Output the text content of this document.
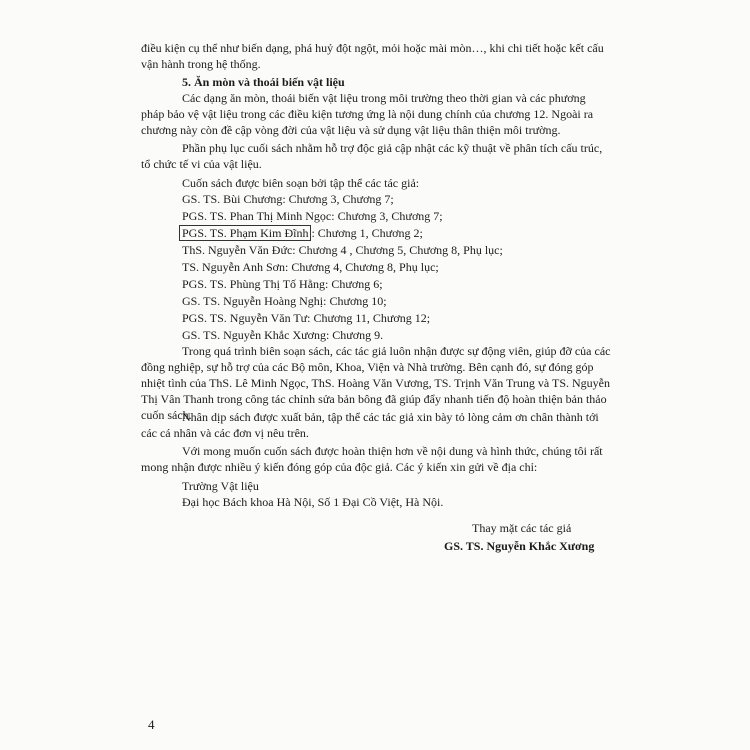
điều kiện cụ thể như biến dạng, phá huỷ đột ngột, mỏi hoặc mài mòn…, khi chi tiết hoặc kết cấu vận hành trong hệ thống.

5. Ăn mòn và thoái biến vật liệu

Các dạng ăn mòn, thoái biến vật liệu trong môi trường theo thời gian và các phương pháp bảo vệ vật liệu trong các điều kiện tương ứng là nội dung chính của chương 12. Ngoài ra chương này còn đề cập vòng đời của vật liệu và sử dụng vật liệu thân thiện môi trường.

Phần phụ lục cuối sách nhằm hỗ trợ độc giả cập nhật các kỹ thuật về phân tích cấu trúc, tổ chức tế vi của vật liệu.

Cuốn sách được biên soạn bởi tập thể các tác giả:

GS. TS. Bùi Chương: Chương 3, Chương 7;

PGS. TS. Phan Thị Minh Ngọc: Chương 3, Chương 7;

PGS. TS. Phạm Kim Đĩnh : Chương 1, Chương 2;

ThS. Nguyễn Văn Đức: Chương 4 , Chương 5, Chương 8, Phụ lục;

TS. Nguyễn Anh Sơn: Chương 4, Chương 8, Phụ lục;

PGS. TS. Phùng Thị Tố Hằng: Chương 6;

GS. TS. Nguyễn Hoàng Nghị: Chương 10;

PGS. TS. Nguyễn Văn Tư: Chương 11, Chương 12;

GS. TS. Nguyễn Khắc Xương: Chương 9.

Trong quá trình biên soạn sách, các tác giả luôn nhận được sự động viên, giúp đỡ của các đồng nghiệp, sự hỗ trợ của các Bộ môn, Khoa, Viện và Nhà trường. Bên cạnh đó, sự đóng góp nhiệt tình của ThS. Lê Minh Ngọc, ThS. Hoàng Văn Vương, TS. Trịnh Văn Trung và TS. Nguyễn Thị Vân Thanh trong công tác chỉnh sửa bản bông đã giúp đẩy nhanh tiến độ hoàn thiện bản thảo cuốn sách.

Nhân dịp sách được xuất bản, tập thể các tác giả xin bày tỏ lòng cảm ơn chân thành tới các cá nhân và các đơn vị nêu trên.

Với mong muốn cuốn sách được hoàn thiện hơn về nội dung và hình thức, chúng tôi rất mong nhận được nhiều ý kiến đóng góp của độc giả. Các ý kiến xin gửi về địa chỉ:

Trường Vật liệu

Đại học Bách khoa Hà Nội, Số 1 Đại Cồ Việt, Hà Nội.

Thay mặt các tác giả

GS. TS. Nguyễn Khắc Xương

4
